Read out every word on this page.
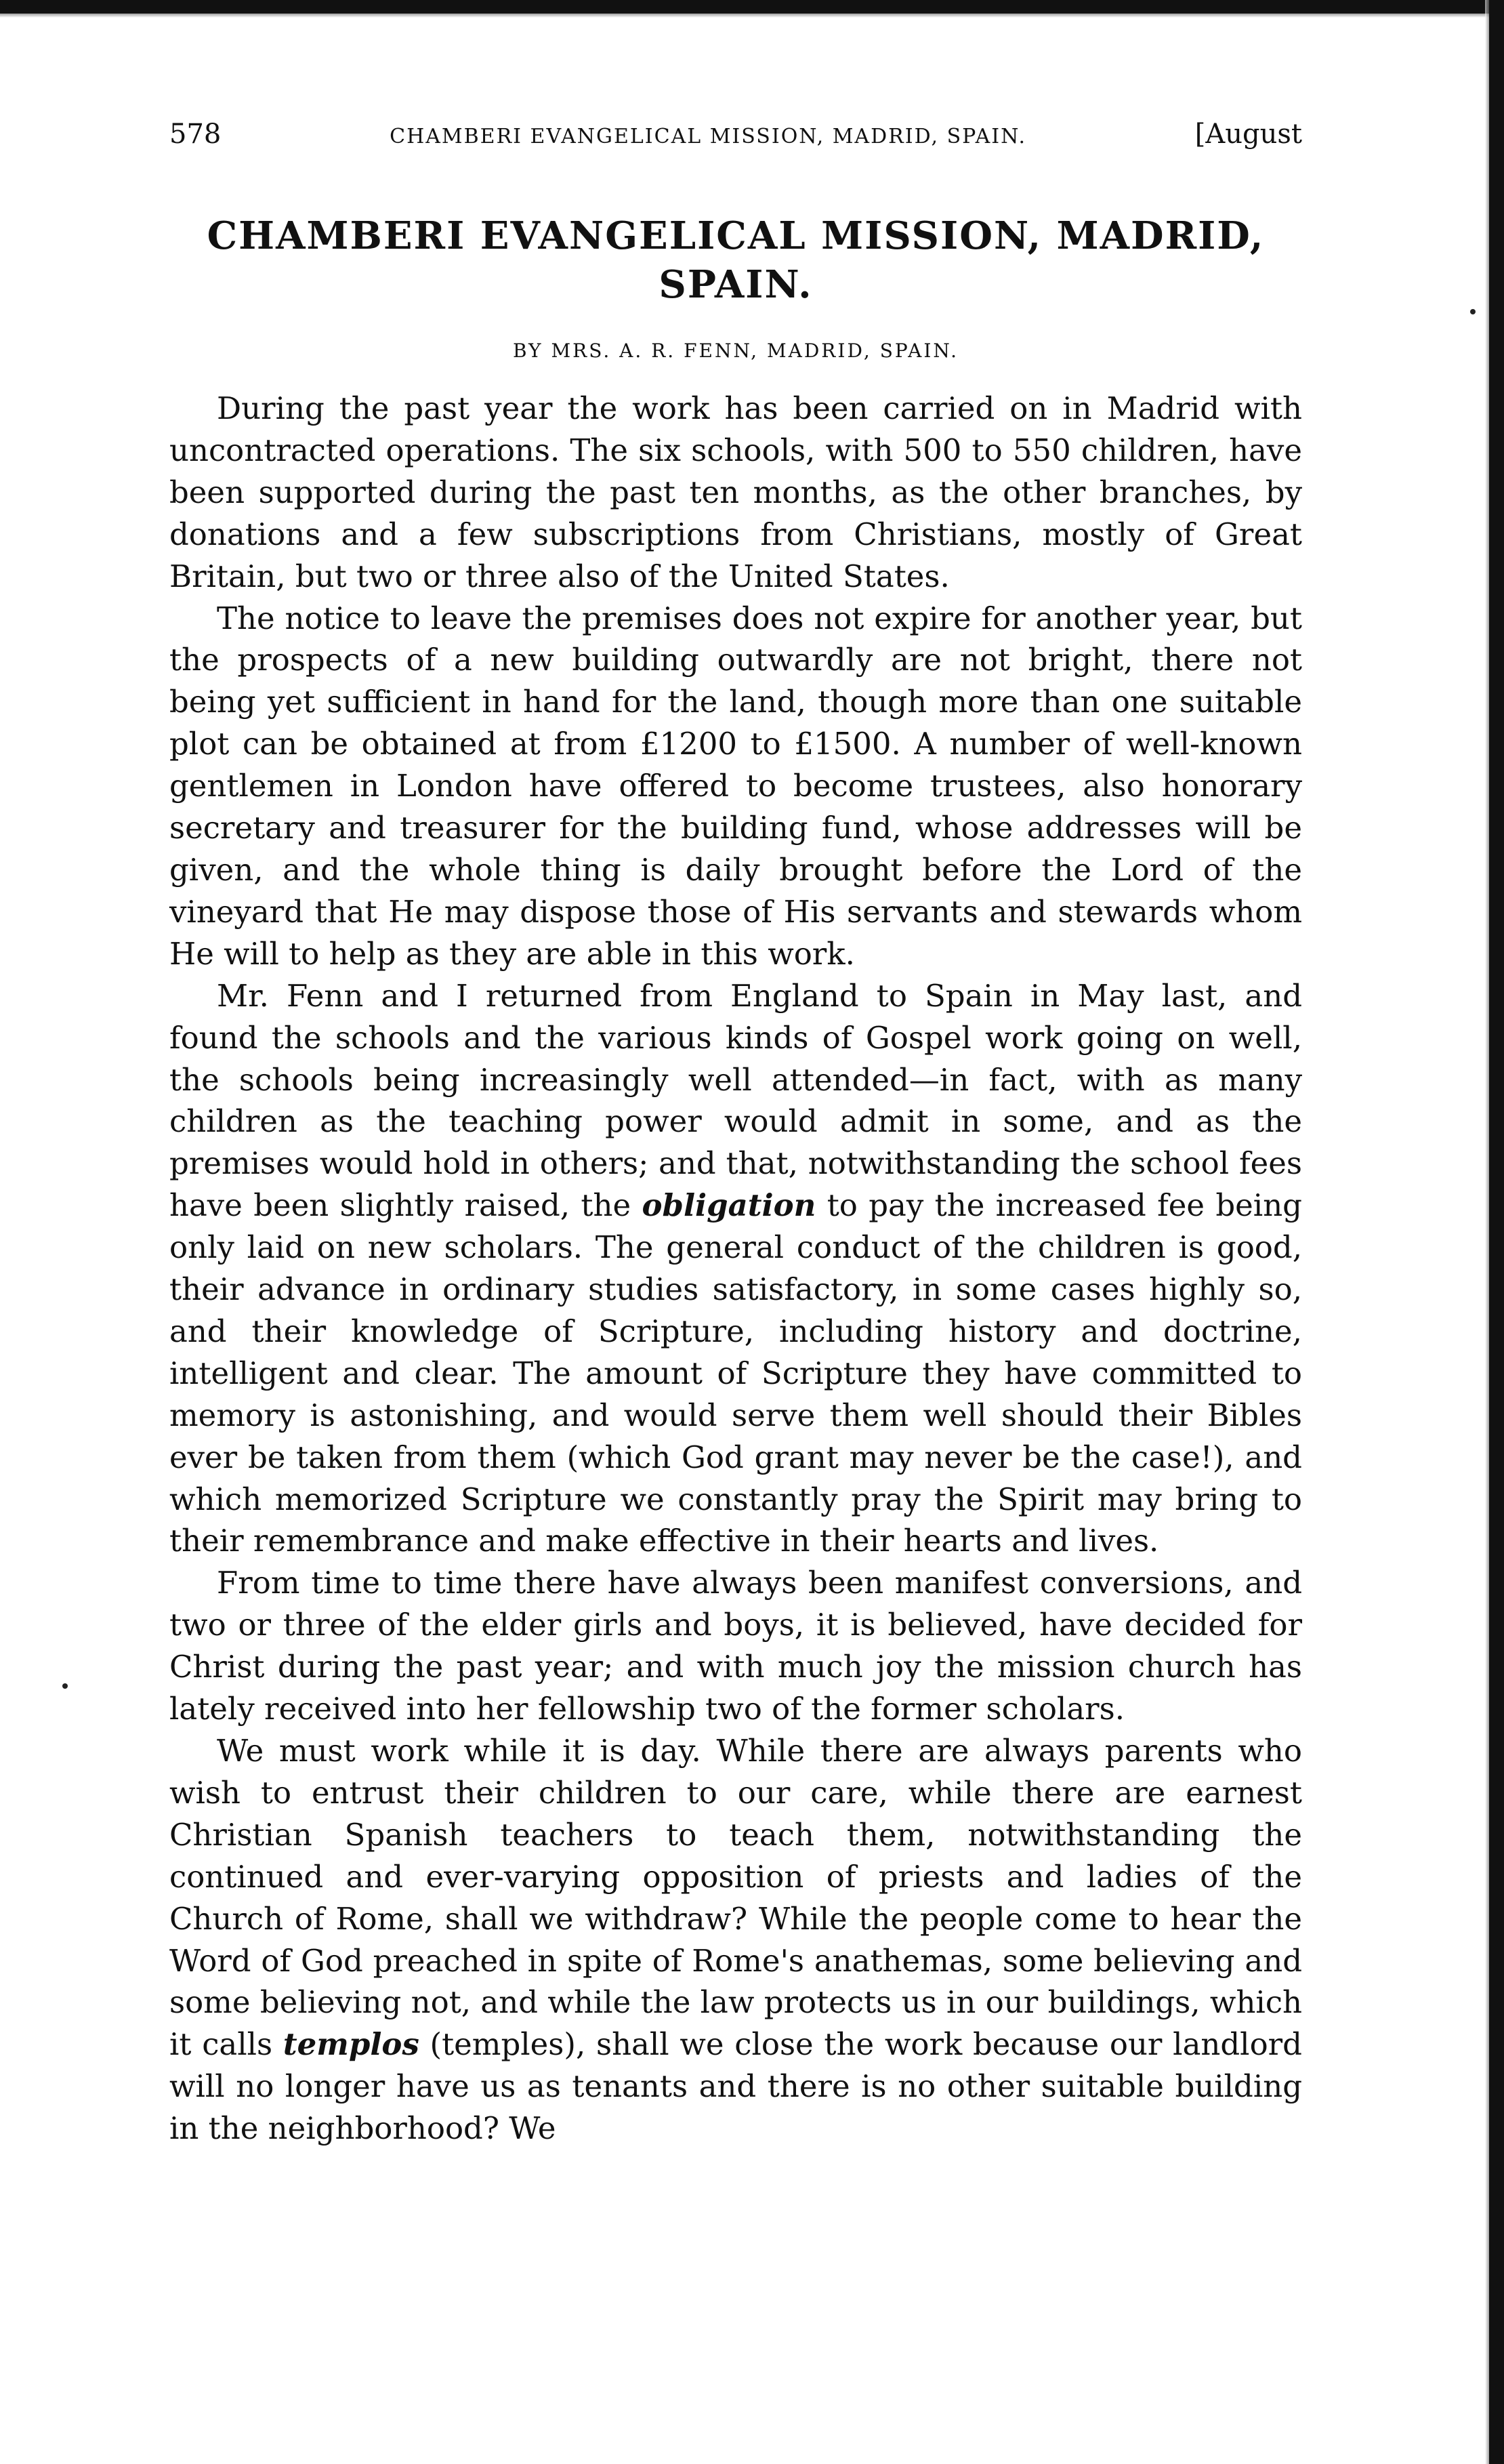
578	CHAMBERI EVANGELICAL MISSION, MADRID, SPAIN.	[August
CHAMBERI EVANGELICAL MISSION, MADRID, SPAIN.
BY MRS. A. R. FENN, MADRID, SPAIN.

During the past year the work has been carried on in Madrid with uncontracted operations. The six schools, with 500 to 550 children, have been supported during the past ten months, as the other branches, by donations and a few subscriptions from Christians, mostly of Great Britain, but two or three also of the United States.

The notice to leave the premises does not expire for another year, but the prospects of a new building outwardly are not bright, there not being yet sufficient in hand for the land, though more than one suitable plot can be obtained at from £1200 to £1500. A number of well-known gentlemen in London have offered to become trustees, also honorary secretary and treasurer for the building fund, whose addresses will be given, and the whole thing is daily brought before the Lord of the vineyard that He may dispose those of His servants and stewards whom He will to help as they are able in this work.

Mr. Fenn and I returned from England to Spain in May last, and found the schools and the various kinds of Gospel work going on well, the schools being increasingly well attended—in fact, with as many children as the teaching power would admit in some, and as the premises would hold in others; and that, notwithstanding the school fees have been slightly raised, the obligation to pay the increased fee being only laid on new scholars. The general conduct of the children is good, their advance in ordinary studies satisfactory, in some cases highly so, and their knowledge of Scripture, including history and doctrine, intelligent and clear. The amount of Scripture they have committed to memory is astonishing, and would serve them well should their Bibles ever be taken from them (which God grant may never be the case!), and which memorized Scripture we constantly pray the Spirit may bring to their remembrance and make effective in their hearts and lives.

From time to time there have always been manifest conversions, and two or three of the elder girls and boys, it is believed, have decided for Christ during the past year; and with much joy the mission church has lately received into her fellowship two of the former scholars.

We must work while it is day. While there are always parents who wish to entrust their children to our care, while there are earnest Christian Spanish teachers to teach them, notwithstanding the continued and ever-varying opposition of priests and ladies of the Church of Rome, shall we withdraw? While the people come to hear the Word of God preached in spite of Rome's anathemas, some believing and some believing not, and while the law protects us in our buildings, which it calls templos (temples), shall we close the work because our landlord will no longer have us as tenants and there is no other suitable building in the neighborhood? We
